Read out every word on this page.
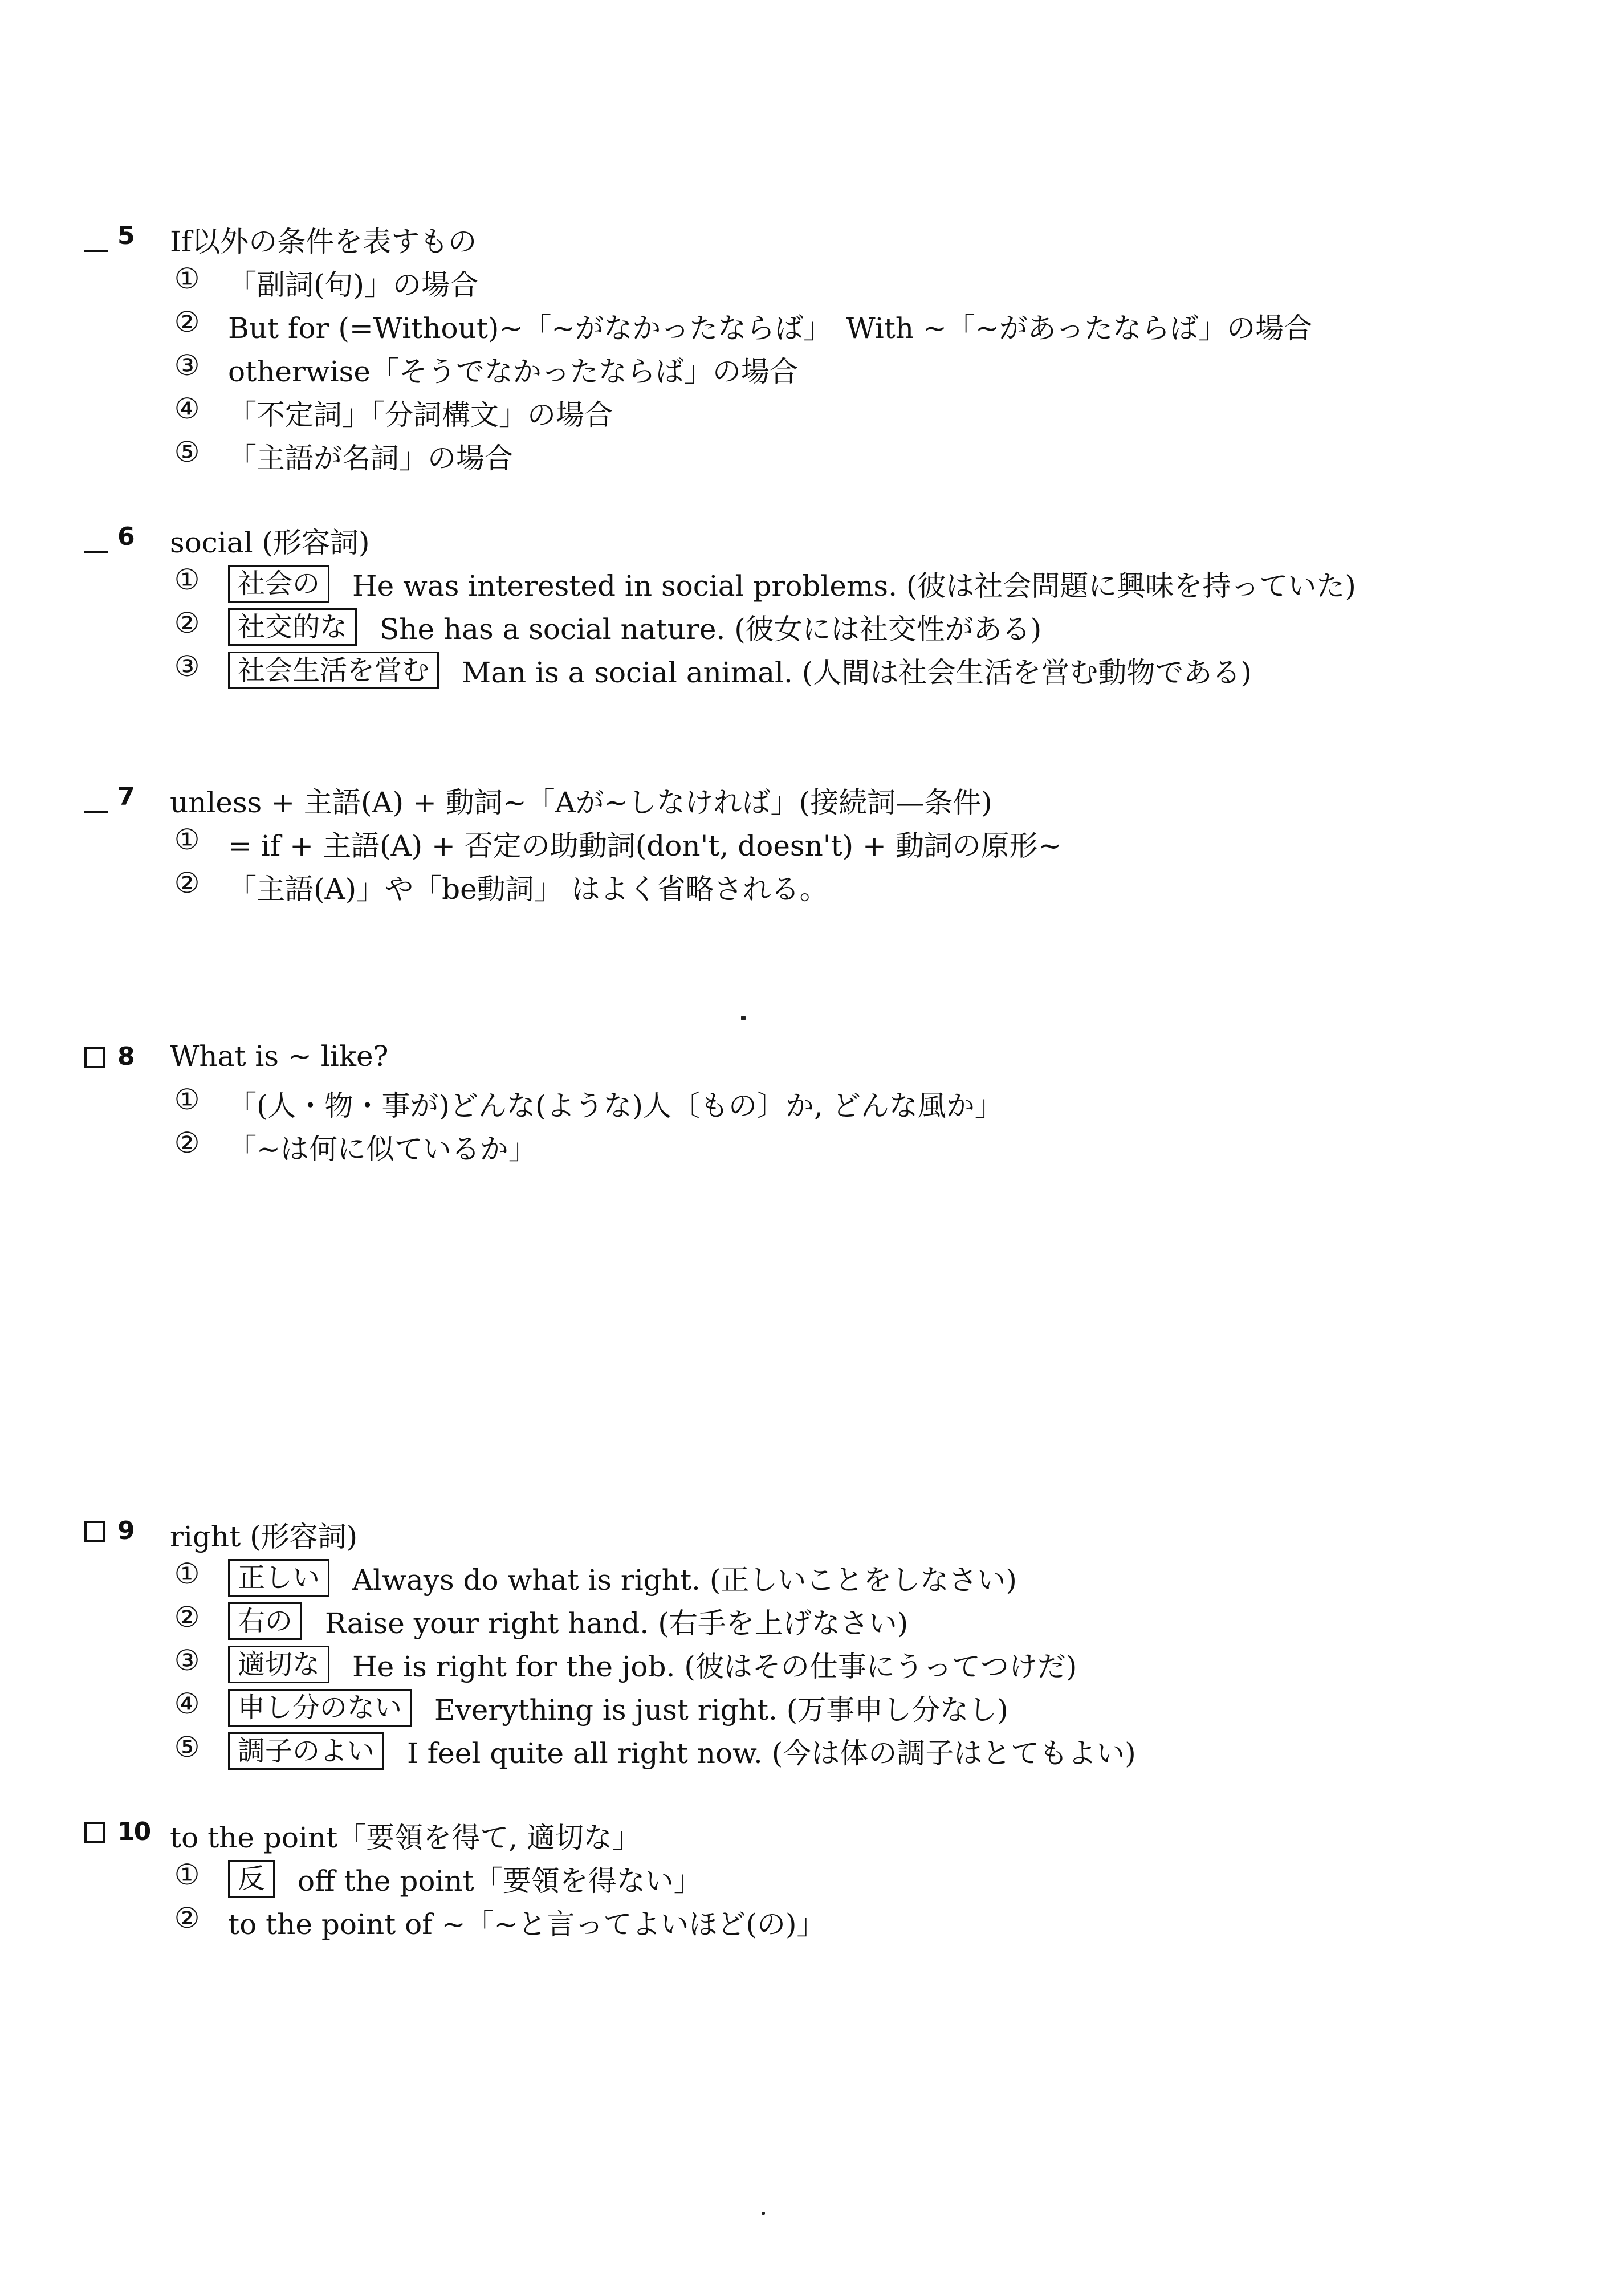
5 If以外の条件を表すもの
① 「副詞(句)」の場合
② But for (=Without)~「~がなかったならば」　With ~「~があったならば」の場合
③ otherwise「そうでなかったならば」の場合
④ 「不定詞」「分詞構文」の場合
⑤ 「主語が名詞」の場合
6 social (形容詞)
①	社会の	He was interested in social problems. (彼は社会問題に興味を持っていた)
②	社交的な	She has a social nature. (彼女には社交性がある)
③	社会生活を営む	Man is a social animal. (人間は社会生活を営む動物である)
7 unless + 主語(A) + 動詞~「Aが~しなければ」(接続詞—条件)
① = if + 主語(A) + 否定の助動詞(don't, doesn't) + 動詞の原形~
② 「主語(A)」や「be動詞」 はよく省略される。
8 What is ~ like?
① 「(人・物・事が)どんな(ような)人〔もの〕か, どんな風か」
② 「~は何に似ているか」
9 right (形容詞)
①	正しい	Always do what is right. (正しいことをしなさい)
②	右の	Raise your right hand. (右手を上げなさい)
③	適切な	He is right for the job. (彼はその仕事にうってつけだ)
④	申し分のない	Everything is just right. (万事申し分なし)
⑤	調子のよい	I feel quite all right now. (今は体の調子はとてもよい)
10 to the point「要領を得て, 適切な」
①	反	off the point「要領を得ない」
② to the point of ~「~と言ってよいほど(の)」
